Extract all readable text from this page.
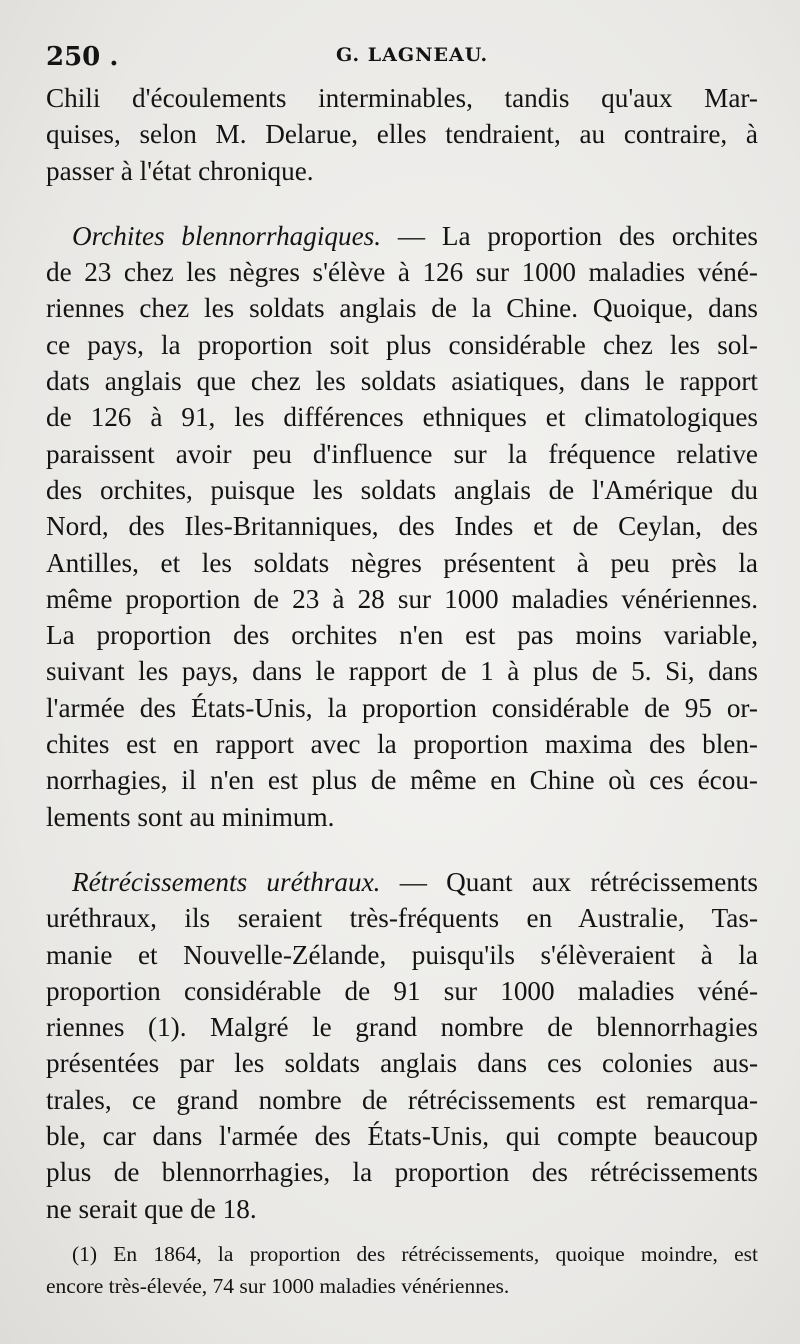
250 .	G. LAGNEAU.
Chili d'écoulements interminables, tandis qu'aux Mar-
quises, selon M. Delarue, elles tendraient, au contraire, à
passer à l'état chronique.
Orchites blennorrhagiques. — La proportion des orchites
de 23 chez les nègres s'élève à 126 sur 1000 maladies véné-
riennes chez les soldats anglais de la Chine. Quoique, dans
ce pays, la proportion soit plus considérable chez les sol-
dats anglais que chez les soldats asiatiques, dans le rapport
de 126 à 91, les différences ethniques et climatologiques
paraissent avoir peu d'influence sur la fréquence relative
des orchites, puisque les soldats anglais de l'Amérique du
Nord, des Iles-Britanniques, des Indes et de Ceylan, des
Antilles, et les soldats nègres présentent à peu près la
même proportion de 23 à 28 sur 1000 maladies vénériennes.
La proportion des orchites n'en est pas moins variable,
suivant les pays, dans le rapport de 1 à plus de 5. Si, dans
l'armée des États-Unis, la proportion considérable de 95 or-
chites est en rapport avec la proportion maxima des blen-
norrhagies, il n'en est plus de même en Chine où ces écou-
lements sont au minimum.
Rétrécissements uréthraux. — Quant aux rétrécissements
uréthraux, ils seraient très-fréquents en Australie, Tas-
manie et Nouvelle-Zélande, puisqu'ils s'élèveraient à la
proportion considérable de 91 sur 1000 maladies véné-
riennes (1). Malgré le grand nombre de blennorrhagies
présentées par les soldats anglais dans ces colonies aus-
trales, ce grand nombre de rétrécissements est remarqua-
ble, car dans l'armée des États-Unis, qui compte beaucoup
plus de blennorrhagies, la proportion des rétrécissements
ne serait que de 18.
(1) En 1864, la proportion des rétrécissements, quoique moindre, est
encore très-élevée, 74 sur 1000 maladies vénériennes.
